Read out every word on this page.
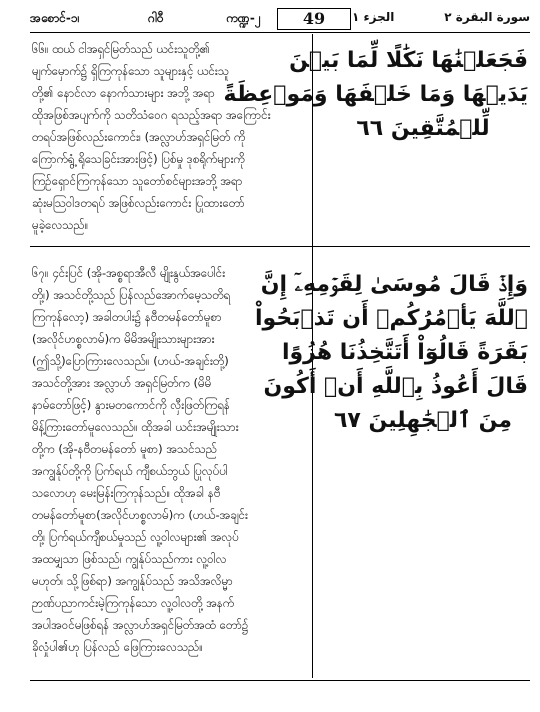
အစောင်-၁၊	ဂါဝီ	ကဏ္ဍ-၂	49	الجزء ١	سورة البقرة ٢

၆၆။ ထယ် ငါအရှင်မြတ်သည် ယင်းသူတို့၏

မျက်မှောက်၌ ရှိကြကုန်သော သူများနှင့် ယင်းသူ

တို့၏ နောင်လာ နောက်သားများ အဘို့ အရာ

ထိုအဖြစ်အပျက်ကို သတိသံဝေဂ ရသည့်အရာ အကြောင်း

တရပ်အဖြစ်လည်းကောင်း၊ (အလ္လာဟ်အရှင်မြတ် ကို

ကြောက်ရွံ့ ရိုသေခြင်းအားဖြင့်) ပြစ်မှု ဒုစရိုက်များကို

ကြဉ်ရှောင်ကြကုန်သော သူတော်စင်များအဘို့ အရာ

ဆုံးမသြဝါဒတရပ် အဖြစ်လည်းကောင်း ပြုထားတော်

မူခဲ့လေသည်။

فَجَعَلۡنَٰهَا نَكَٰلًا لِّمَا بَيۡنَ
يَدَيۡهَا وَمَا خَلۡفَهَا وَمَوۡعِظَةً
لِّلۡمُتَّقِينَ ٦٦

၆၇။ ၄င်းပြင် (အို-အစ္စရာအီလီ မျိုးနွယ်အပေါင်း

တို့၊) အသင်တို့သည် ပြန်လည်အောက်မေ့သတိရ

ကြကုန်လော့) အခါတပါး၌ နဗီတမန်တော်မူစာ

(အလိုင်ဟစ္စလာမ်)က မိမိအမျိုးသားများအား

(ဤသို့)ပြောကြားလေသည်။ (ဟယ်-အချင်းတို့)

အသင်တို့အား အလ္လာဟ် အရှင်မြတ်က (မိမိ

နာမ်တော်ဖြင့်) နွားမတကောင်ကို လှီးဖြတ်ကြရန်

မိန့်ကြားတော်မူလေသည်။ ထိုအခါ ယင်းအမျိုးသား

တို့က (အို-နဗီတမန်တော် မူစာ) အသင်သည်

အကျွန်ုပ်တို့ကို ပြက်ရယ် ကျီစယ်ဘွယ် ပြုလုပ်ပါ

သလောဟု မေးမြန်းကြကုန်သည်။ ထိုအခါ နဗီ

တမန်တော်မူစာ(အလိုင်ဟစ္စလာမ်)က (ဟယ်-အချင်း

တို့၊ ပြက်ရယ်ကျီစယ်မှုသည် လူ့ဝါလများ၏ အလုပ်

အထမျှသာ ဖြစ်သည်၊ ကျွန်ုပ်သည်ကား လူ့ဝါလ

မဟုတ်၊ သို့ဖြစ်ရာ) အကျွန်ုပ်သည် အသိအလိမ္မာ

ဉာဏ်ပညာကင်းမဲ့ကြကုန်သော လူ့ဝါလတို့ အနက်

အပါအဝင်မဖြစ်ရန် အလ္လာဟ်အရှင်မြတ်အထံ တော်၌

ခိုလှုံပါ၏ဟု ပြန်လည် ဖြေကြားလေသည်။

وَإِذۡ قَالَ مُوسَىٰ لِقَوۡمِهِۦٓ إِنَّ
ٱللَّهَ يَأۡمُرُكُمۡ أَن تَذۡبَحُواْ
بَقَرَةً قَالُوٓاْ أَتَتَّخِذُنَا هُزُوًا
قَالَ أَعُوذُ بِٱللَّهِ أَنۡ أَكُونَ
مِنَ ٱلۡجَٰهِلِينَ ٦٧
